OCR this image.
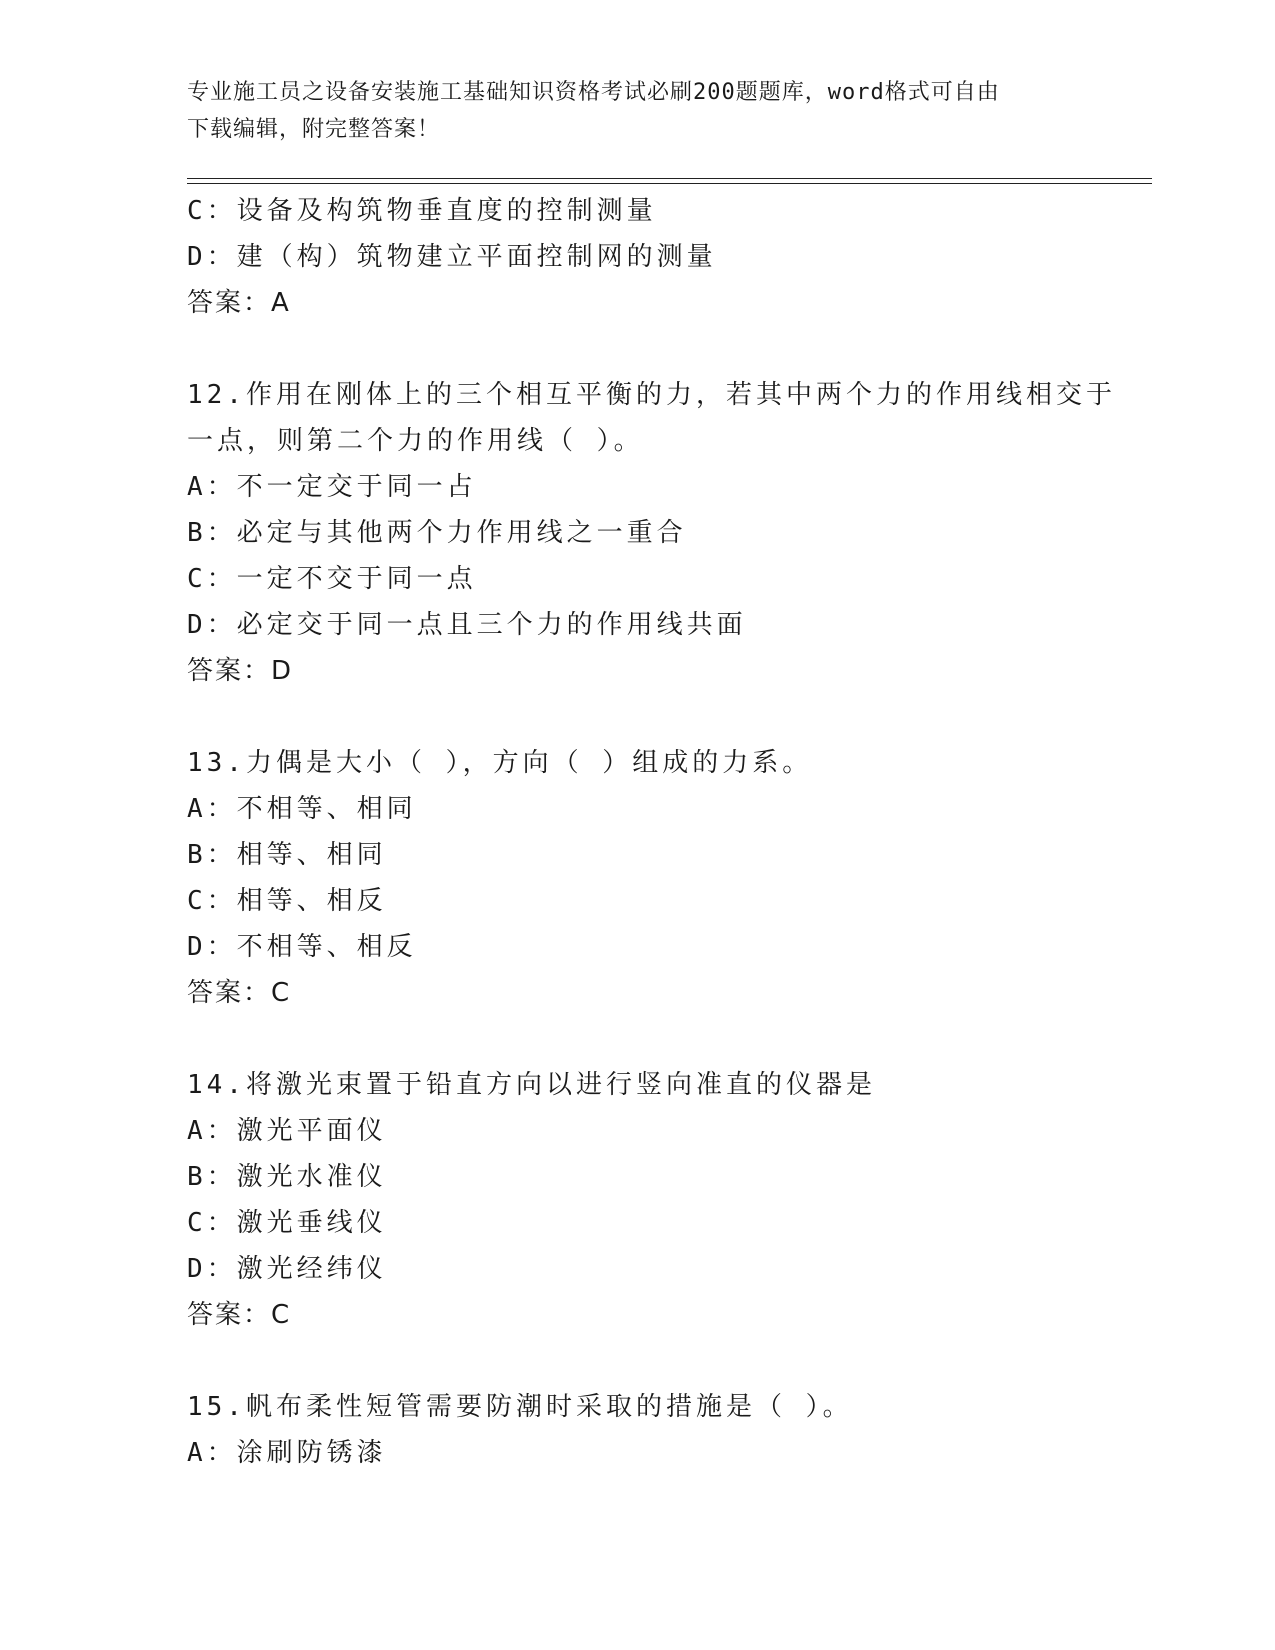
专业施工员之设备安装施工基础知识资格考试必刷200题题库，word格式可自由
下载编辑，附完整答案！
C：设备及构筑物垂直度的控制测量
D：建（构）筑物建立平面控制网的测量
答案：A
12.作用在刚体上的三个相互平衡的力，若其中两个力的作用线相交于
一点，则第二个力的作用线（ ）。
A：不一定交于同一占
B：必定与其他两个力作用线之一重合
C：一定不交于同一点
D：必定交于同一点且三个力的作用线共面
答案：D
13.力偶是大小（ ），方向（ ）组成的力系。
A：不相等、相同
B：相等、相同
C：相等、相反
D：不相等、相反
答案：C
14.将激光束置于铅直方向以进行竖向准直的仪器是
A：激光平面仪
B：激光水准仪
C：激光垂线仪
D：激光经纬仪
答案：C
15.帆布柔性短管需要防潮时采取的措施是（ ）。
A：涂刷防锈漆
